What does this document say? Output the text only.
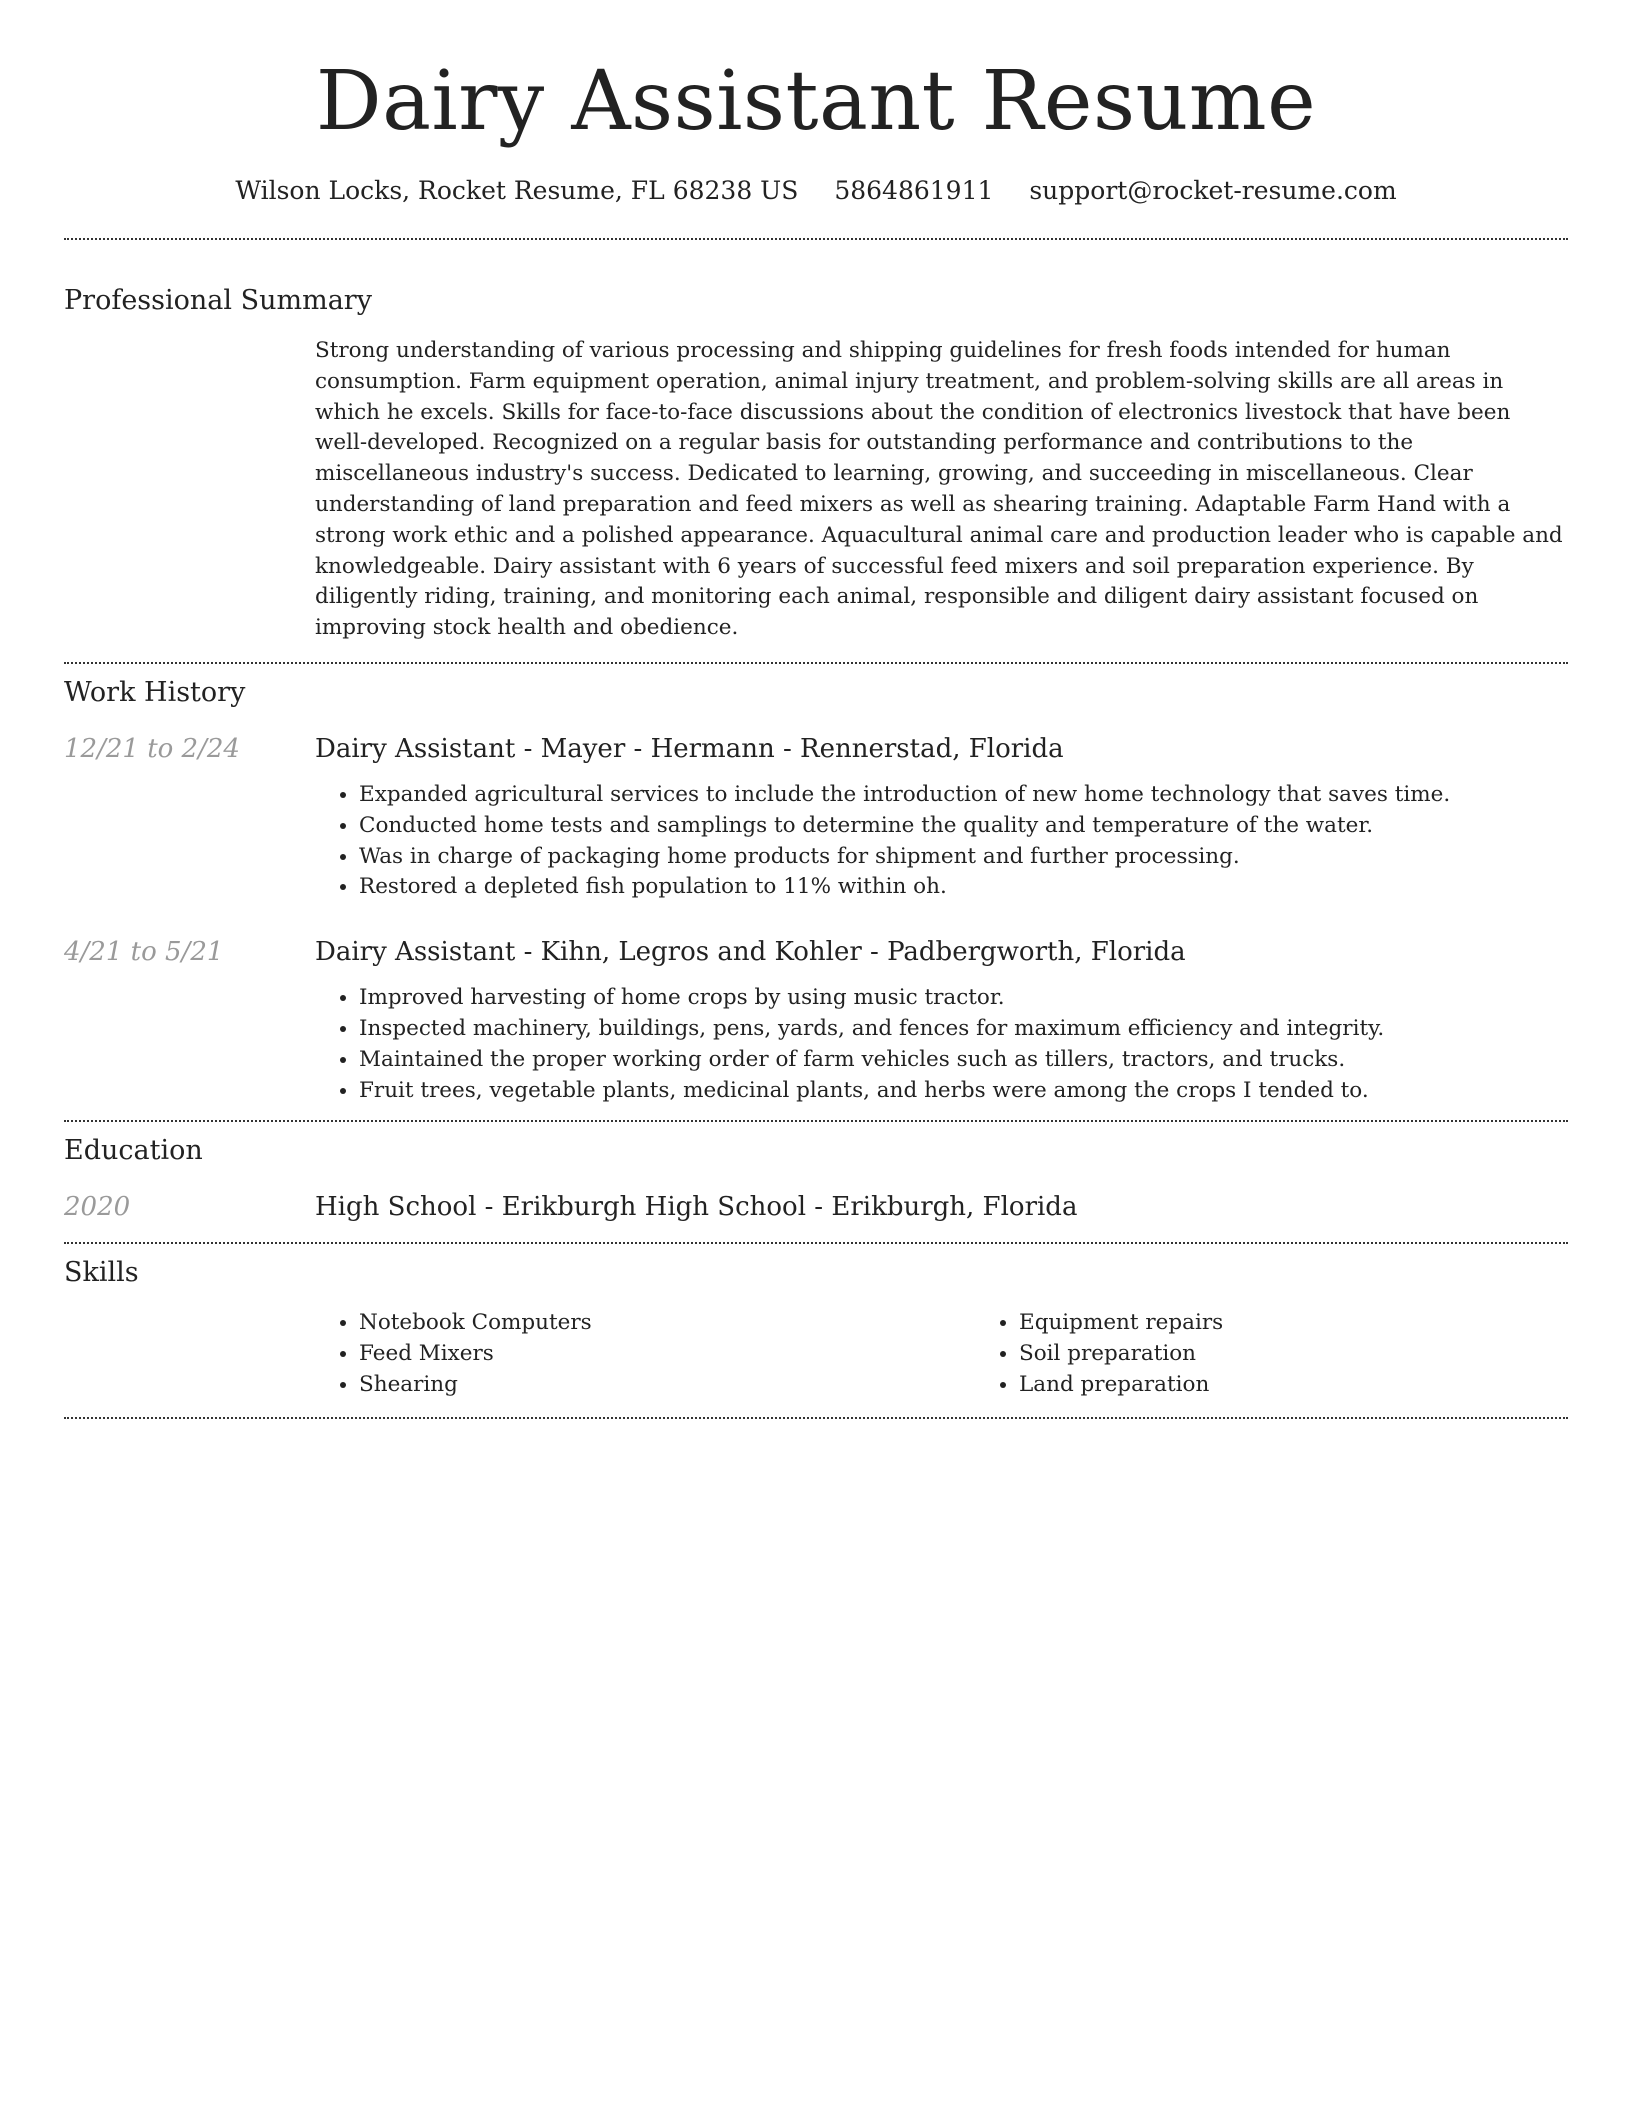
Dairy Assistant Resume
Wilson Locks, Rocket Resume, FL 68238 US 5864861911 support@rocket-resume.com
Professional Summary

Strong understanding of various processing and shipping guidelines for fresh foods intended for human consumption. Farm equipment operation, animal injury treatment, and problem-solving skills are all areas in which he excels. Skills for face-to-face discussions about the condition of electronics livestock that have been well-developed. Recognized on a regular basis for outstanding performance and contributions to the miscellaneous industry's success. Dedicated to learning, growing, and succeeding in miscellaneous. Clear understanding of land preparation and feed mixers as well as shearing training. Adaptable Farm Hand with a strong work ethic and a polished appearance. Aquacultural animal care and production leader who is capable and knowledgeable. Dairy assistant with 6 years of successful feed mixers and soil preparation experience. By diligently riding, training, and monitoring each animal, responsible and diligent dairy assistant focused on improving stock health and obedience.

Work History
12/21 to 2/24	Dairy Assistant - Mayer - Hermann - Rennerstad, Florida

• Expanded agricultural services to include the introduction of new home technology that saves time.
• Conducted home tests and samplings to determine the quality and temperature of the water.
• Was in charge of packaging home products for shipment and further processing.
• Restored a depleted fish population to 11% within oh.
4/21 to 5/21	Dairy Assistant - Kihn, Legros and Kohler - Padbergworth, Florida

• Improved harvesting of home crops by using music tractor.
• Inspected machinery, buildings, pens, yards, and fences for maximum efficiency and integrity.
• Maintained the proper working order of farm vehicles such as tillers, tractors, and trucks.
• Fruit trees, vegetable plants, medicinal plants, and herbs were among the crops I tended to.
Education
2020	High School - Erikburgh High School - Erikburgh, Florida

Skills
• Notebook Computers
• Feed Mixers
• Shearing
• Equipment repairs
• Soil preparation
• Land preparation
